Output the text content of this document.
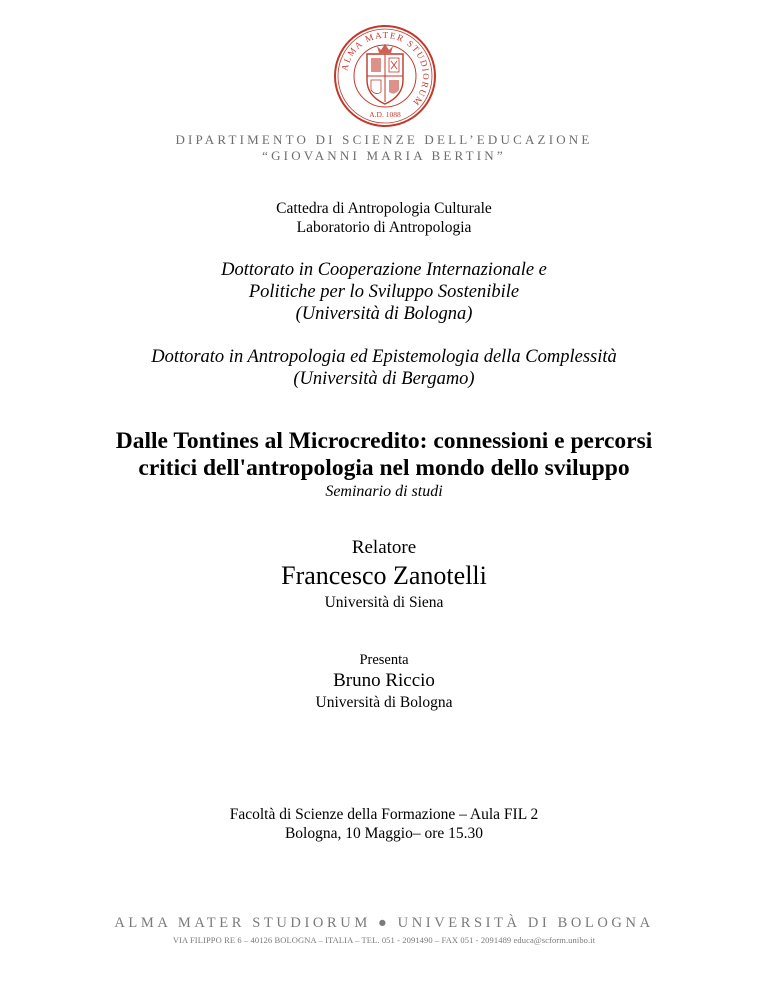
ALMA MATER STUDIORUM
A.D. 1088
DIPARTIMENTO DI SCIENZE DELL’EDUCAZIONE
“GIOVANNI MARIA BERTIN”
Cattedra di Antropologia Culturale
Laboratorio di Antropologia
Dottorato in Cooperazione Internazionale e
Politiche per lo Sviluppo Sostenibile
(Università di Bologna)
Dottorato in Antropologia ed Epistemologia della Complessità
(Università di Bergamo)
Dalle Tontines al Microcredito: connessioni e percorsi
critici dell'antropologia nel mondo dello sviluppo
Seminario di studi
Relatore
Francesco Zanotelli
Università di Siena
Presenta
Bruno Riccio
Università di Bologna
Facoltà di Scienze della Formazione – Aula FIL 2
Bologna, 10 Maggio– ore 15.30
ALMA MATER STUDIORUM ● UNIVERSITÀ DI BOLOGNA
VIA FILIPPO RE 6 – 40126 BOLOGNA – ITALIA – TEL. 051 - 2091490 – FAX 051 - 2091489 educa@scform.unibo.it
